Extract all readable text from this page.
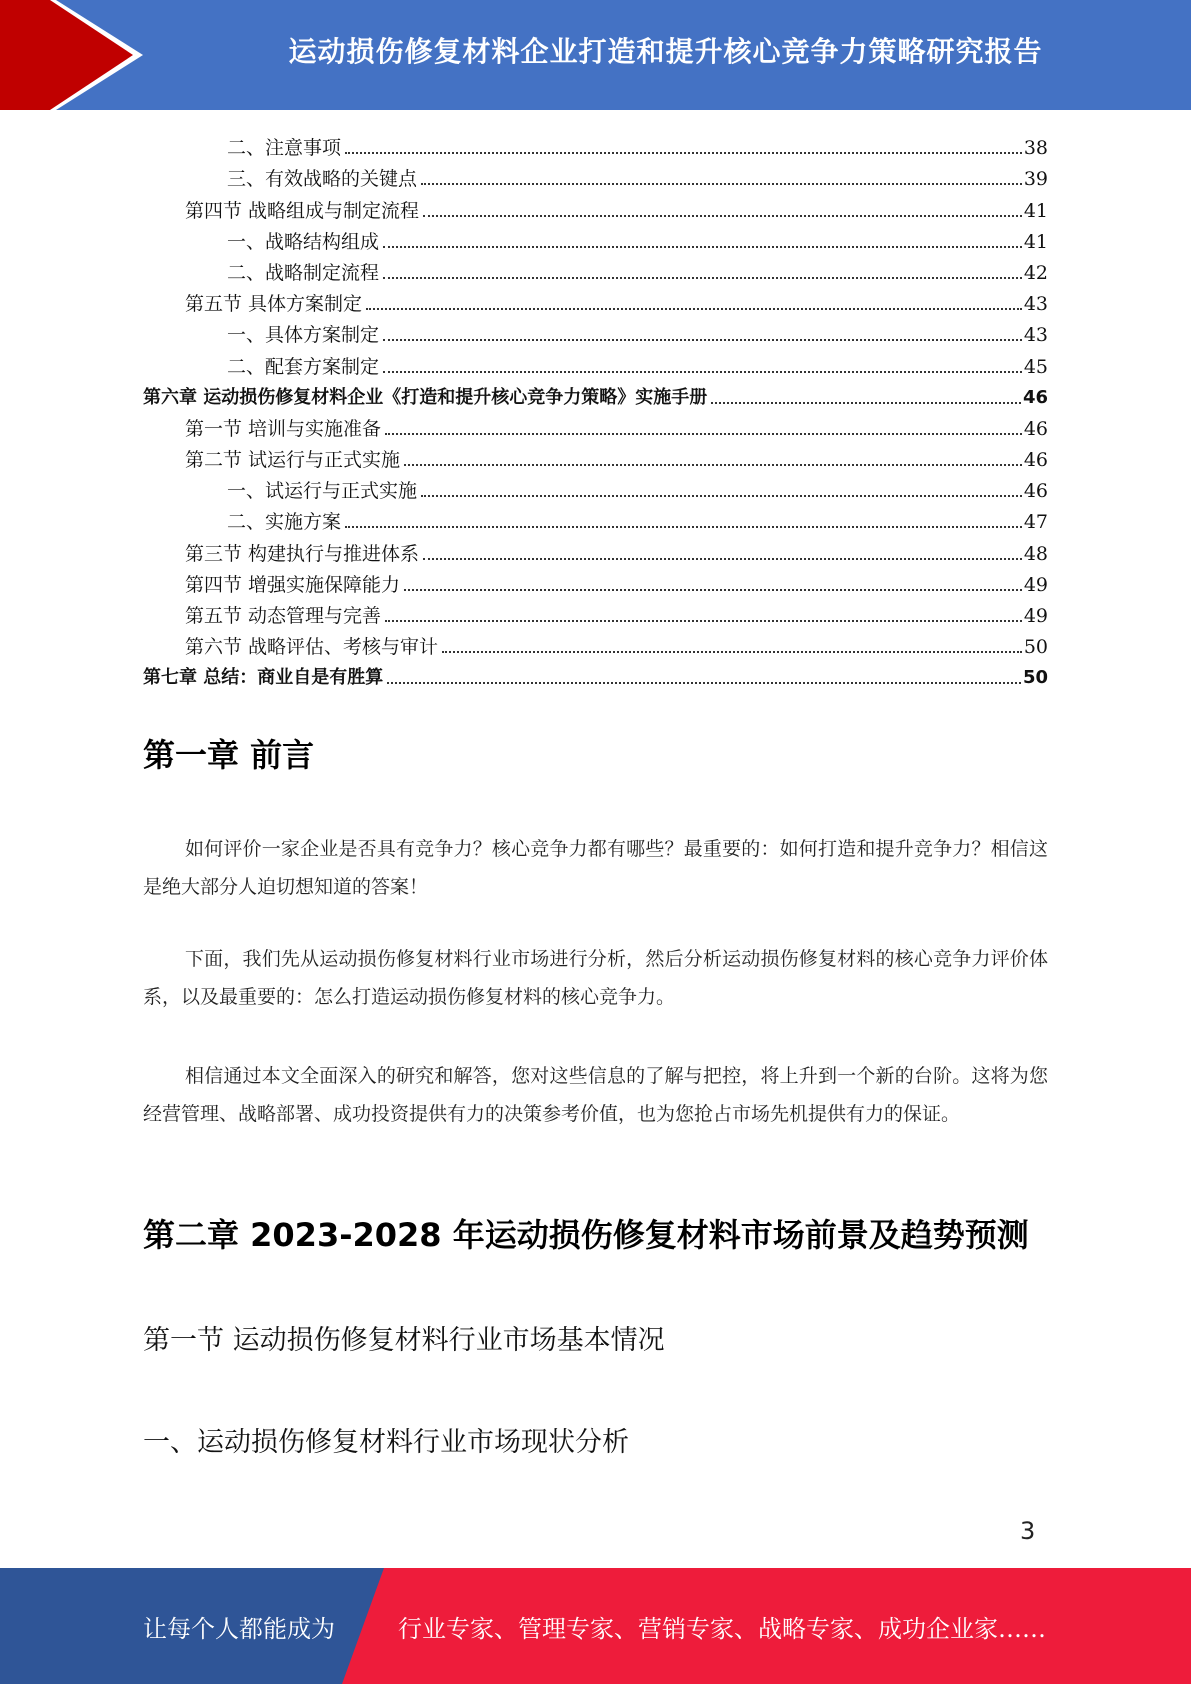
运动损伤修复材料企业打造和提升核心竞争力策略研究报告
二、注意事项	38
三、有效战略的关键点	39
第四节 战略组成与制定流程	41
一、战略结构组成	41
二、战略制定流程	42
第五节 具体方案制定	43
一、具体方案制定	43
二、配套方案制定	45
第六章 运动损伤修复材料企业《打造和提升核心竞争力策略》实施手册	46
第一节 培训与实施准备	46
第二节 试运行与正式实施	46
一、试运行与正式实施	46
二、实施方案	47
第三节 构建执行与推进体系	48
第四节 增强实施保障能力	49
第五节 动态管理与完善	49
第六节 战略评估、考核与审计	50
第七章 总结：商业自是有胜算	50
第一章 前言
如何评价一家企业是否具有竞争力？核心竞争力都有哪些？最重要的：如何打造和提升竞争力？相信这是绝大部分人迫切想知道的答案！
下面，我们先从运动损伤修复材料行业市场进行分析，然后分析运动损伤修复材料的核心竞争力评价体系，以及最重要的：怎么打造运动损伤修复材料的核心竞争力。
相信通过本文全面深入的研究和解答，您对这些信息的了解与把控，将上升到一个新的台阶。这将为您经营管理、战略部署、成功投资提供有力的决策参考价值，也为您抢占市场先机提供有力的保证。
第二章 2023-2028 年运动损伤修复材料市场前景及趋势预测
第一节 运动损伤修复材料行业市场基本情况
一、运动损伤修复材料行业市场现状分析
3
让每个人都能成为	行业专家、管理专家、营销专家、战略专家、成功企业家……
